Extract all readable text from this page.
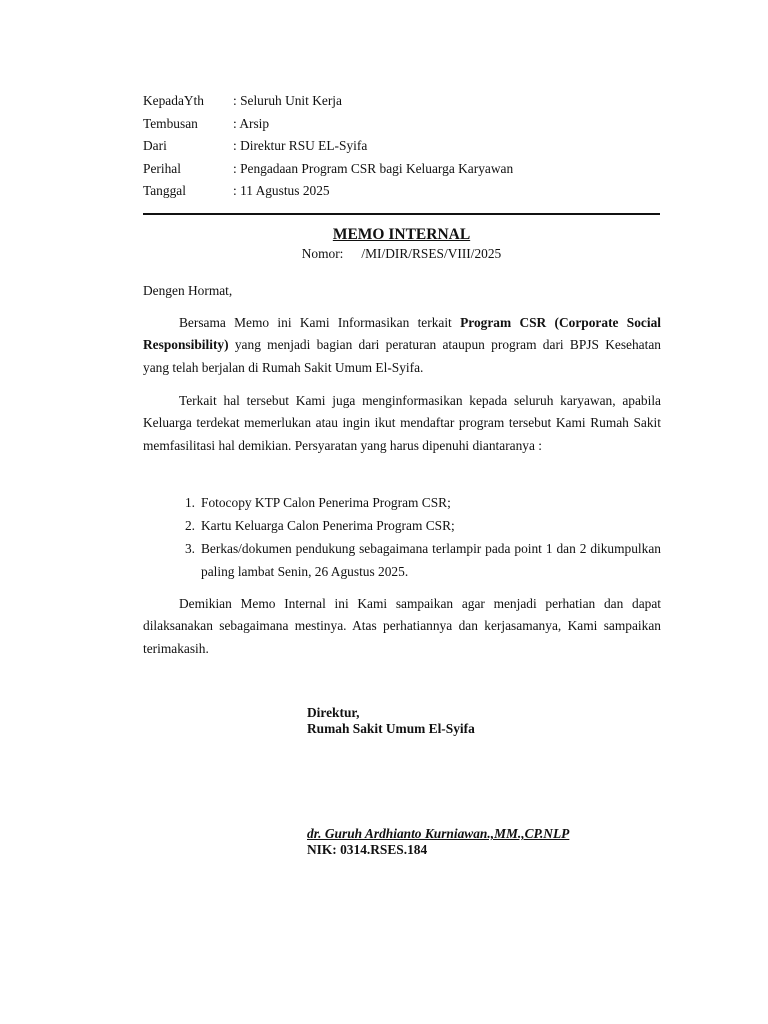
KepadaYth	: Seluruh Unit Kerja
Tembusan	: Arsip
Dari	: Direktur RSU EL-Syifa
Perihal	: Pengadaan Program CSR bagi Keluarga Karyawan
Tanggal	: 11 Agustus 2025
MEMO INTERNAL
Nomor: /MI/DIR/RSES/VIII/2025
Dengen Hormat,

Bersama Memo ini Kami Informasikan terkait Program CSR (Corporate Social Responsibility) yang menjadi bagian dari peraturan ataupun program dari BPJS Kesehatan yang telah berjalan di Rumah Sakit Umum El-Syifa.

Terkait hal tersebut Kami juga menginformasikan kepada seluruh karyawan, apabila Keluarga terdekat memerlukan atau ingin ikut mendaftar program tersebut Kami Rumah Sakit memfasilitasi hal demikian. Persyaratan yang harus dipenuhi diantaranya :

1. Fotocopy KTP Calon Penerima Program CSR;
2. Kartu Keluarga Calon Penerima Program CSR;
3. Berkas/dokumen pendukung sebagaimana terlampir pada point 1 dan 2 dikumpulkan paling lambat Senin, 26 Agustus 2025.

Demikian Memo Internal ini Kami sampaikan agar menjadi perhatian dan dapat dilaksanakan sebagaimana mestinya. Atas perhatiannya dan kerjasamanya, Kami sampaikan terimakasih.

Direktur,
Rumah Sakit Umum El-Syifa
dr. Guruh Ardhianto Kurniawan.,MM.,CP.NLP
NIK: 0314.RSES.184
